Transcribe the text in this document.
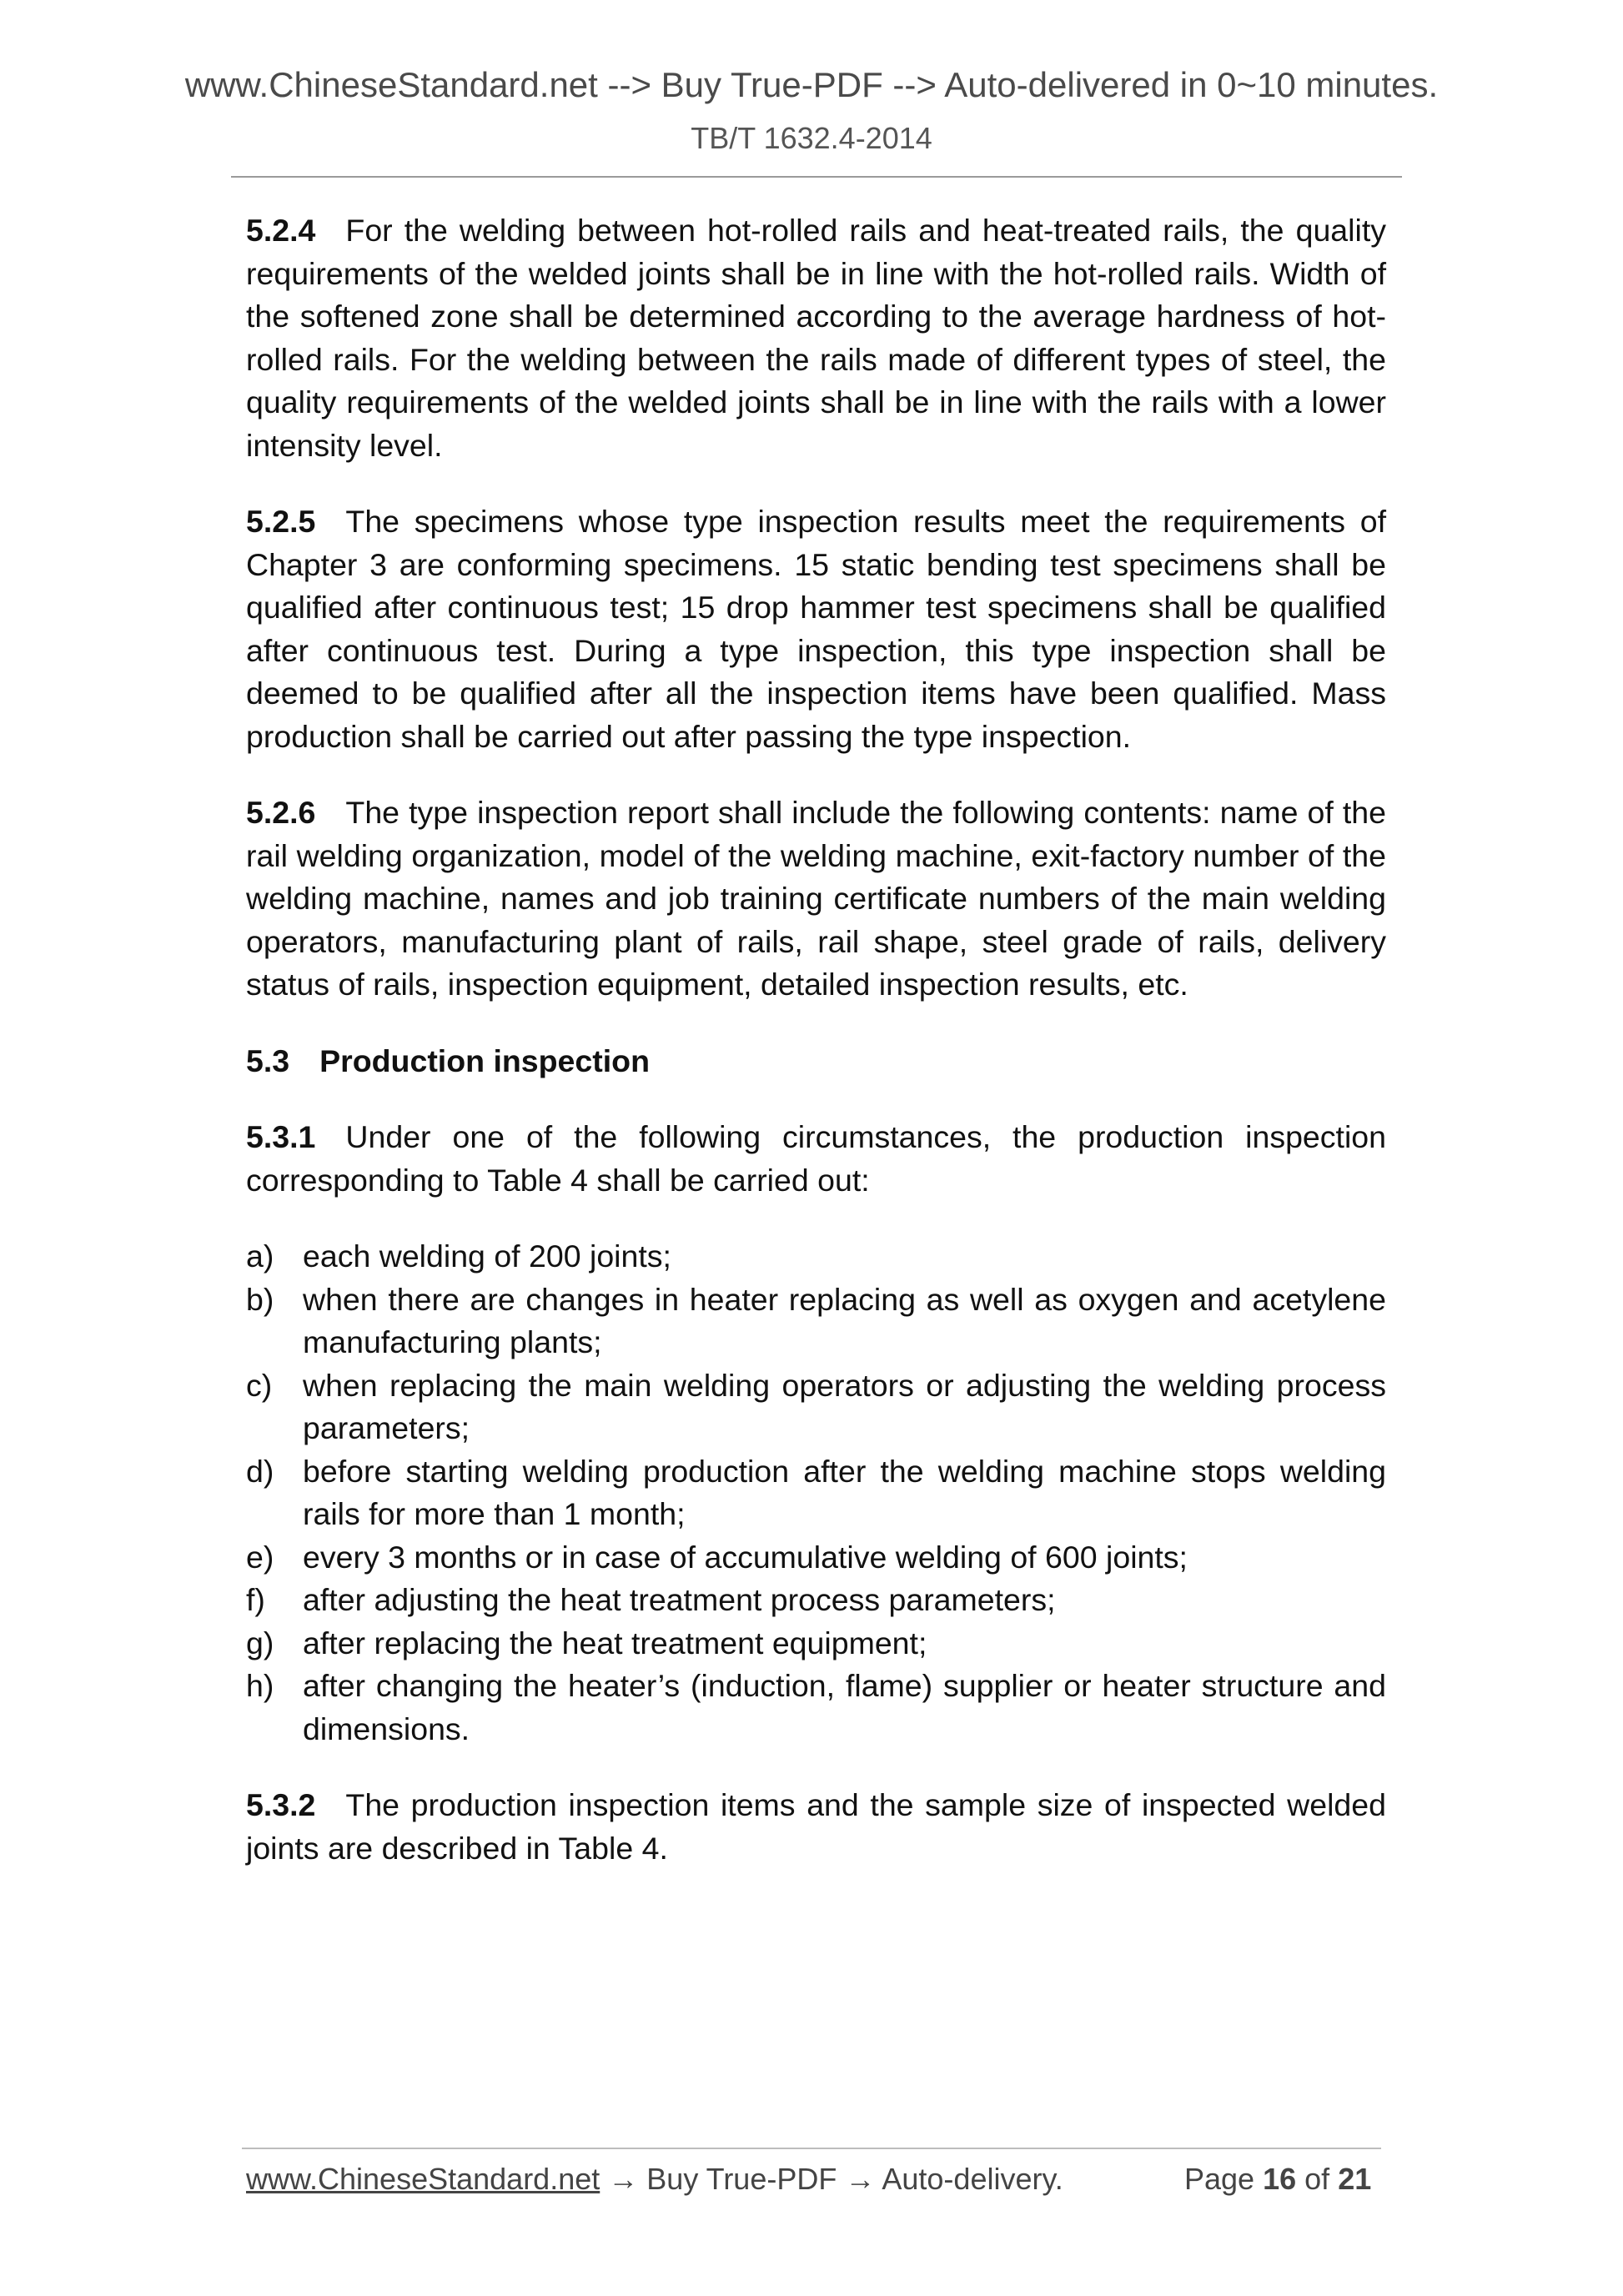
www.ChineseStandard.net --> Buy True-PDF --> Auto-delivered in 0~10 minutes.
TB/T 1632.4-2014

5.2.4 For the welding between hot-rolled rails and heat-treated rails, the quality requirements of the welded joints shall be in line with the hot-rolled rails. Width of the softened zone shall be determined according to the average hardness of hot-rolled rails. For the welding between the rails made of different types of steel, the quality requirements of the welded joints shall be in line with the rails with a lower intensity level.

5.2.5 The specimens whose type inspection results meet the requirements of Chapter 3 are conforming specimens. 15 static bending test specimens shall be qualified after continuous test; 15 drop hammer test specimens shall be qualified after continuous test. During a type inspection, this type inspection shall be deemed to be qualified after all the inspection items have been qualified. Mass production shall be carried out after passing the type inspection.

5.2.6 The type inspection report shall include the following contents: name of the rail welding organization, model of the welding machine, exit-factory number of the welding machine, names and job training certificate numbers of the main welding operators, manufacturing plant of rails, rail shape, steel grade of rails, delivery status of rails, inspection equipment, detailed inspection results, etc.

5.3 Production inspection

5.3.1 Under one of the following circumstances, the production inspection corresponding to Table 4 shall be carried out:

a) each welding of 200 joints;
b) when there are changes in heater replacing as well as oxygen and acetylene manufacturing plants;
c) when replacing the main welding operators or adjusting the welding process parameters;
d) before starting welding production after the welding machine stops welding rails for more than 1 month;
e) every 3 months or in case of accumulative welding of 600 joints;
f)	after adjusting the heat treatment process parameters;
g) after replacing the heat treatment equipment;
h) after changing the heater’s (induction, flame) supplier or heater structure and dimensions.

5.3.2 The production inspection items and the sample size of inspected welded joints are described in Table 4.

www.ChineseStandard.net → Buy True-PDF → Auto-delivery.	Page 16 of 21
